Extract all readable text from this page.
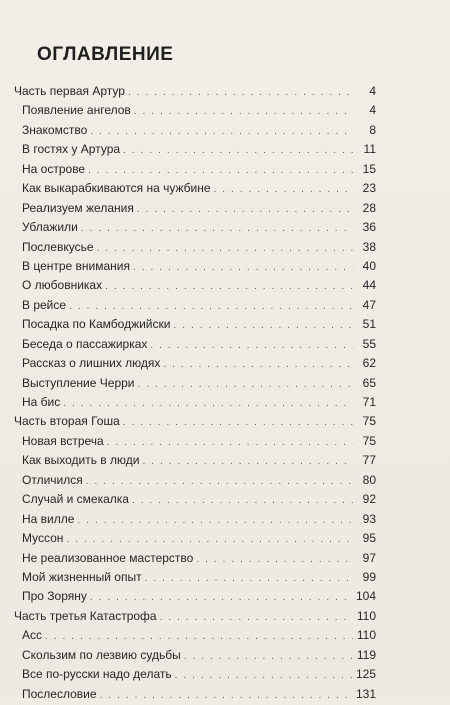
ОГЛАВЛЕНИЕ
Часть первая Артур . . .	4
Появление ангелов . . .	4
Знакомство . . .	8
В гостях у Артура . . .	11
На острове . . .	15
Как выкарабкиваются на чужбине . . .	23
Реализуем желания . . .	28
Ублажили . . .	36
Послевкусье . . .	38
В центре внимания . . .	40
О любовниках . . .	44
В рейсе . . .	47
Посадка по Камбоджийски . . .	51
Беседа о пассажирках . . .	55
Рассказ о лишних людях . . .	62
Выступление Черри . . .	65
На бис . . .	71
Часть вторая Гоша . . .	75
Новая встреча . . .	75
Как выходить в люди . . .	77
Отличился . . .	80
Случай и смекалка . . .	92
На вилле . . .	93
Муссон . . .	95
Не реализованное мастерство . . .	97
Мой жизненный опыт . . .	99
Про Зоряну . . .	104
Часть третья Катастрофа . . .	110
Асс . . .	110
Скользим по лезвию судьбы . . .	119
Все по-русски надо делать . . .	125
Послесловие . . .	131
